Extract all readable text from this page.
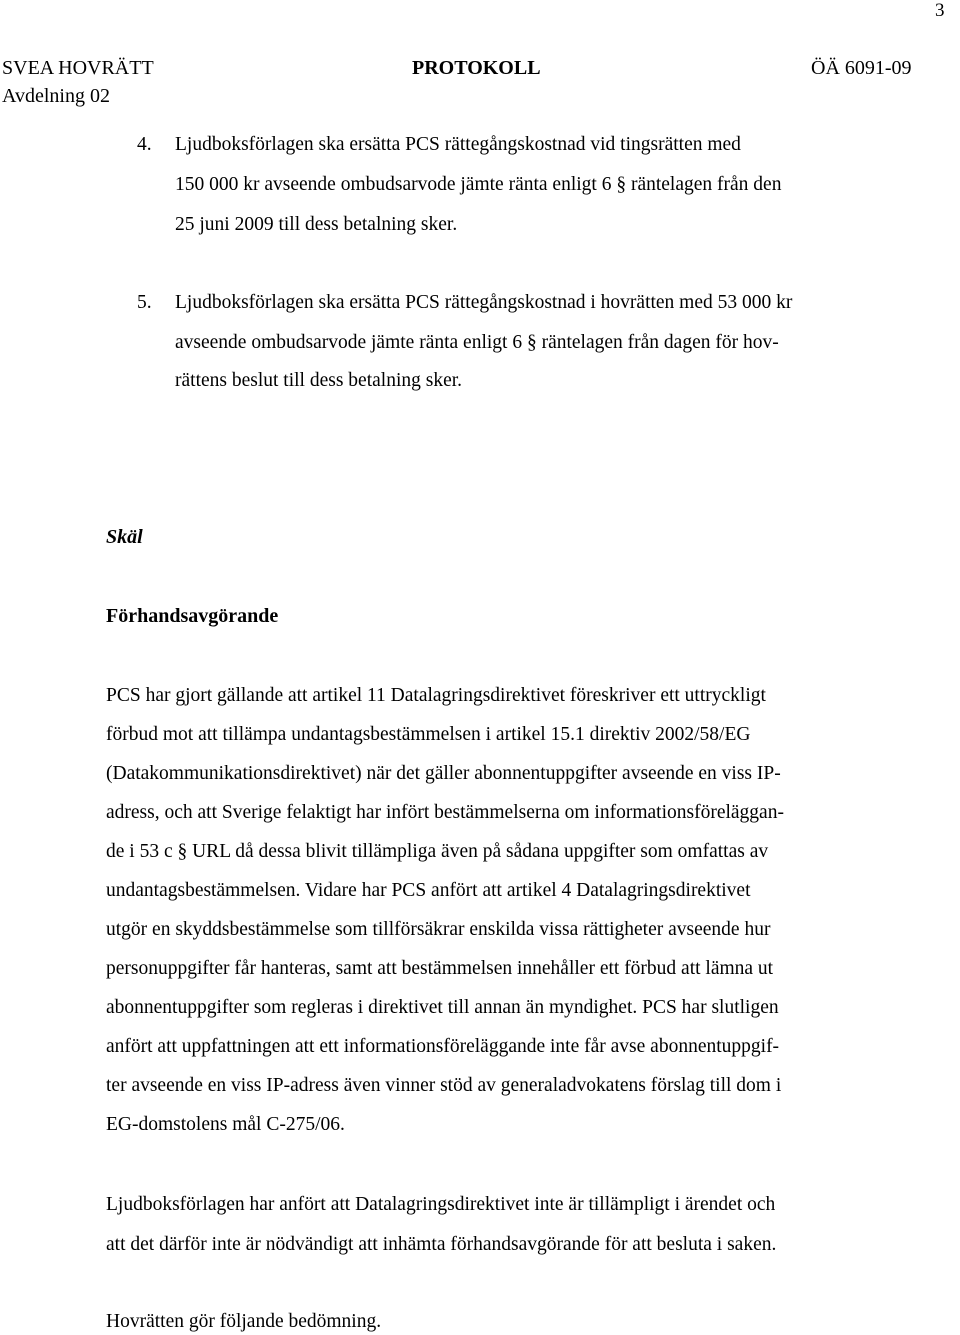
3
SVEA HOVRÄTT
Avdelning 02
PROTOKOLL	ÖÄ 6091-09
4. Ljudboksförlagen ska ersätta PCS rättegångskostnad vid tingsrätten med
150 000 kr avseende ombudsarvode jämte ränta enligt 6 § räntelagen från den
25 juni 2009 till dess betalning sker.
5. Ljudboksförlagen ska ersätta PCS rättegångskostnad i hovrätten med 53 000 kr
avseende ombudsarvode jämte ränta enligt 6 § räntelagen från dagen för hov-
rättens beslut till dess betalning sker.
Skäl
Förhandsavgörande
PCS har gjort gällande att artikel 11 Datalagringsdirektivet föreskriver ett uttryckligt
förbud mot att tillämpa undantagsbestämmelsen i artikel 15.1 direktiv 2002/58/EG
(Datakommunikationsdirektivet) när det gäller abonnentuppgifter avseende en viss IP-
adress, och att Sverige felaktigt har infört bestämmelserna om informationsföreläggan-
de i 53 c § URL då dessa blivit tillämpliga även på sådana uppgifter som omfattas av
undantagsbestämmelsen. Vidare har PCS anfört att artikel 4 Datalagringsdirektivet
utgör en skyddsbestämmelse som tillförsäkrar enskilda vissa rättigheter avseende hur
personuppgifter får hanteras, samt att bestämmelsen innehåller ett förbud att lämna ut
abonnentuppgifter som regleras i direktivet till annan än myndighet. PCS har slutligen
anfört att uppfattningen att ett informationsföreläggande inte får avse abonnentuppgif-
ter avseende en viss IP-adress även vinner stöd av generaladvokatens förslag till dom i
EG-domstolens mål C-275/06.
Ljudboksförlagen har anfört att Datalagringsdirektivet inte är tillämpligt i ärendet och
att det därför inte är nödvändigt att inhämta förhandsavgörande för att besluta i saken.
Hovrätten gör följande bedömning.
